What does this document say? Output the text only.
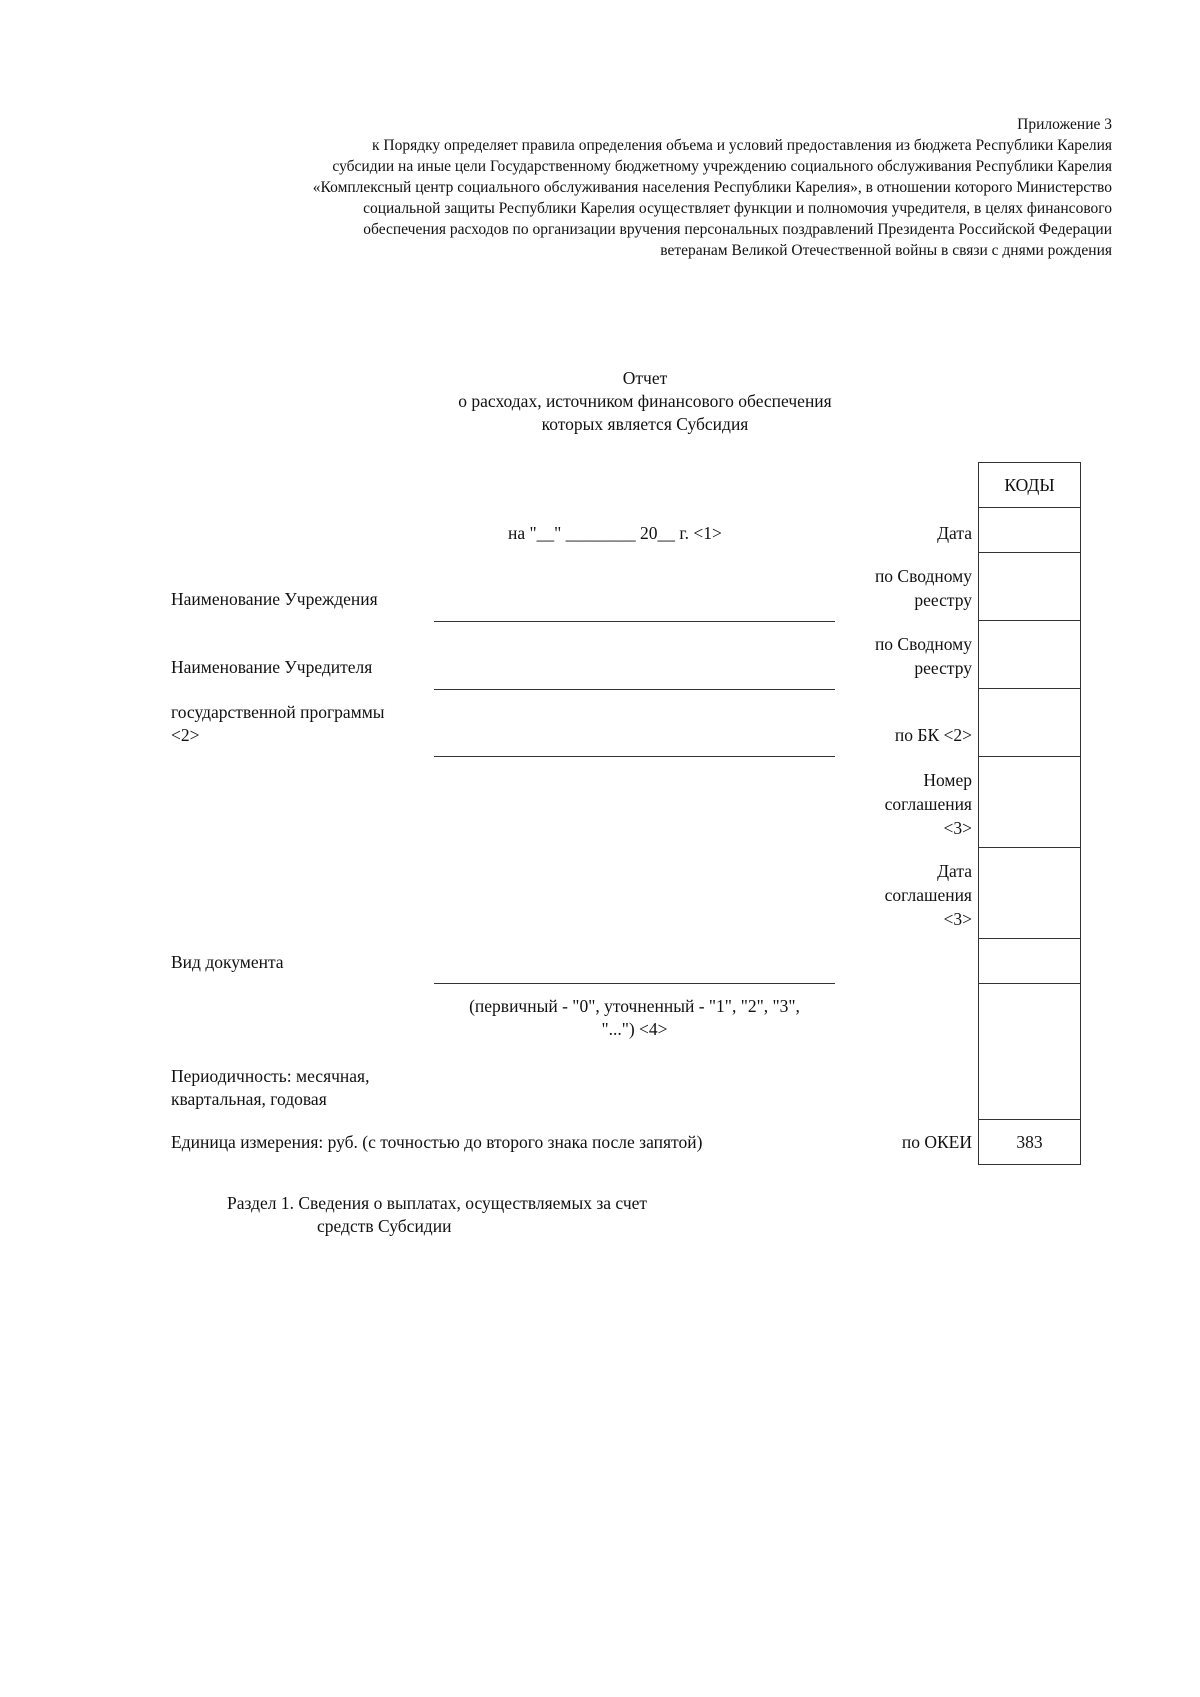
Приложение 3
к Порядку определяет правила определения объема и условий предоставления из бюджета Республики Карелия
субсидии на иные цели Государственному бюджетному учреждению социального обслуживания Республики Карелия
«Комплексный центр социального обслуживания населения Республики Карелия», в отношении которого Министерство
социальной защиты Республики Карелия осуществляет функции и полномочия учредителя, в целях финансового
обеспечения расходов по организации вручения персональных поздравлений Президента Российской Федерации
ветеранам Великой Отечественной войны в связи с днями рождения
Отчет
о расходах, источником финансового обеспечения
которых является Субсидия
на "__" ________ 20__ г. <1>
Наименование Учреждения
Наименование Учредителя
государственной программы
<2>
Вид документа
(первичный - "0", уточненный - "1", "2", "3",
"...") <4>
Периодичность: месячная,
квартальная, годовая
Единица измерения: руб. (с точностью до второго знака после запятой)
Дата
по Сводному
реестру
по Сводному
реестру
по БК <2>
Номер
соглашения
<3>
Дата
соглашения
<3>
по ОКЕИ
КОДЫ
383
Раздел 1. Сведения о выплатах, осуществляемых за счет
средств Субсидии
